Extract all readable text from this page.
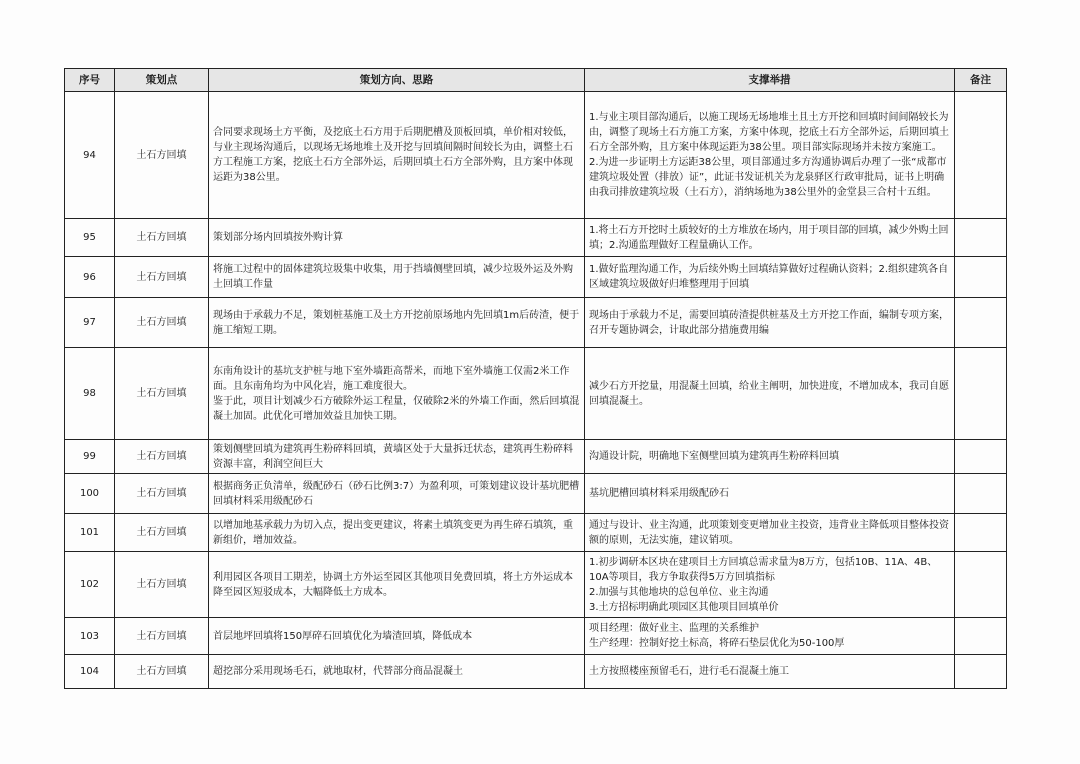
序号	策划点	策划方向、思路	支撑举措	备注
94	土石方回填	合同要求现场土方平衡，及挖底土石方用于后期肥槽及顶板回填，单价相对较低，与业主现场沟通后，以现场无场地堆土及开挖与回填间隔时间较长为由，调整土石方工程施工方案，挖底土石方全部外运，后期回填土石方全部外购，且方案中体现运距为38公里。	1.与业主项目部沟通后，以施工现场无场地堆土且土方开挖和回填时间间隔较长为由，调整了现场土石方施工方案，方案中体现，挖底土石方全部外运，后期回填土石方全部外购，且方案中体现运距为38公里。项目部实际现场并未按方案施工。
2.为进一步证明土方运距38公里，项目部通过多方沟通协调后办理了一张“成都市建筑垃圾处置（排放）证”，此证书发证机关为龙泉驿区行政审批局，证书上明确由我司排放建筑垃圾（土石方），消纳场地为38公里外的金堂县三合村十五组。	

95	土石方回填	策划部分场内回填按外购计算	1.将土石方开挖时土质较好的土方堆放在场内，用于项目部的回填，减少外购土回填；2.沟通监理做好工程量确认工作。	

96	土石方回填	将施工过程中的固体建筑垃圾集中收集，用于挡墙侧壁回填，减少垃圾外运及外购土回填工作量	1.做好监理沟通工作，为后续外购土回填结算做好过程确认资料；2.组织建筑各自区域建筑垃圾做好归堆整理用于回填	

97	土石方回填	现场由于承载力不足，策划桩基施工及土方开挖前原场地内先回填1m后砖渣，便于施工缩短工期。	现场由于承载力不足，需要回填砖渣提供桩基及土方开挖工作面，编制专项方案，召开专题协调会，计取此部分措施费用编	

98	土石方回填	东南角设计的基坑支护桩与地下室外墙距高帮米，而地下室外墙施工仅需2米工作面。且东南角均为中风化岩，施工难度很大。
鉴于此，项目计划减少石方破除外运工程量，仅破除2米的外墙工作面，然后回填混凝土加固。此优化可增加效益且加快工期。	减少石方开挖量，用混凝土回填，给业主阐明，加快进度，不增加成本，我司自愿回填混凝土。	

99	土石方回填	策划侧壁回填为建筑再生粉碎料回填，黄墙区处于大量拆迁状态，建筑再生粉碎料资源丰富，利润空间巨大	沟通设计院，明确地下室侧壁回填为建筑再生粉碎料回填	

100	土石方回填	根据商务正负清单，级配砂石（砂石比例3:7）为盈利项，可策划建议设计基坑肥槽回填材料采用级配砂石	基坑肥槽回填材料采用级配砂石	

101	土石方回填	以增加地基承载力为切入点，提出变更建议，将素土填筑变更为再生碎石填筑，重新组价，增加效益。	通过与设计、业主沟通，此项策划变更增加业主投资，违背业主降低项目整体投资额的原则，无法实施，建议销项。	

102	土石方回填	利用园区各项目工期差，协调土方外运至园区其他项目免费回填，将土方外运成本降至园区短驳成本，大幅降低土方成本。	1.初步调研本区块在建项目土方回填总需求量为8万方，包括10B、11A、4B、10A等项目，我方争取获得5万方回填指标
2.加强与其他地块的总包单位、业主沟通
3.土方招标明确此项园区其他项目回填单价	

103	土石方回填	首层地坪回填将150厚碎石回填优化为墙渣回填，降低成本	项目经理：做好业主、监理的关系维护
生产经理：控制好挖土标高，将碎石垫层优化为50-100厚	

104	土石方回填	超挖部分采用现场毛石，就地取材，代替部分商品混凝土	土方按照楼座预留毛石，进行毛石混凝土施工	
